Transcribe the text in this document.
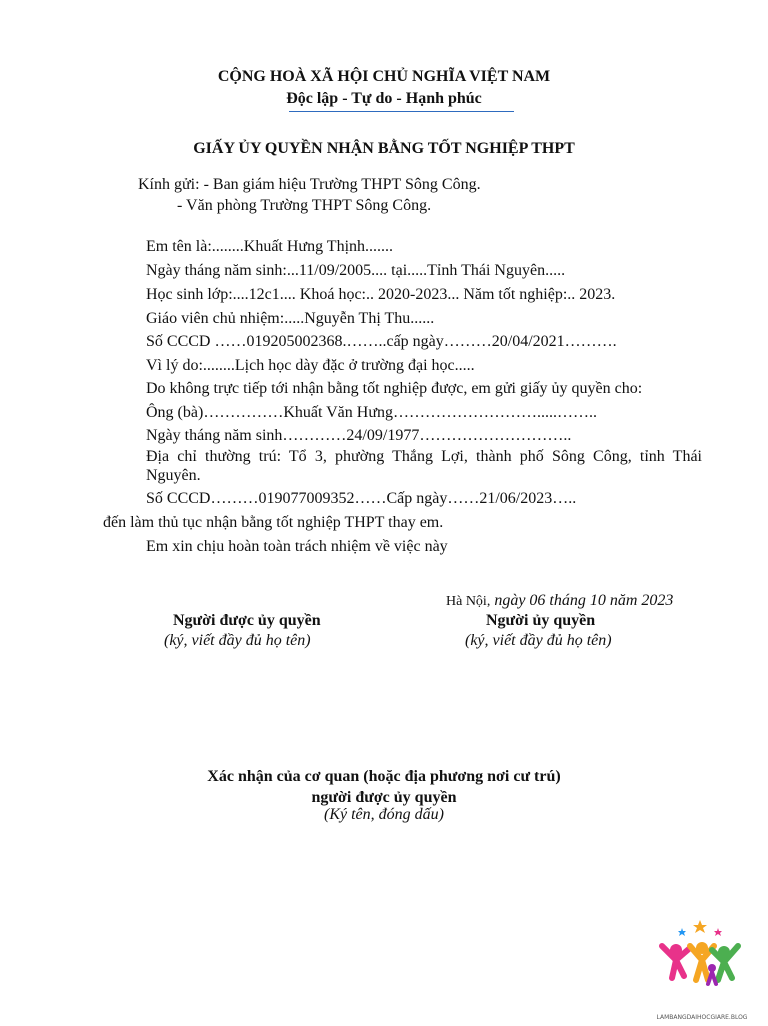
CỘNG HOÀ XÃ HỘI CHỦ NGHĨA VIỆT NAM
Độc lập - Tự do - Hạnh phúc
GIẤY ỦY QUYỀN NHẬN BẰNG TỐT NGHIỆP THPT
Kính gửi: - Ban giám hiệu Trường THPT Sông Công.
- Văn phòng Trường THPT Sông Công.
Em tên là:........Khuất Hưng Thịnh.......
Ngày tháng năm sinh:...11/09/2005.... tại.....Tỉnh Thái Nguyên.....
Học sinh lớp:....12c1.... Khoá học:.. 2020-2023... Năm tốt nghiệp:.. 2023.
Giáo viên chủ nhiệm:.....Nguyễn Thị Thu......
Số CCCD ……019205002368.……..cấp ngày………20/04/2021……….
Vì lý do:........Lịch học dày đặc ở trường đại học.....
Do không trực tiếp tới nhận bằng tốt nghiệp được, em gửi giấy ủy quyền cho:
Ông (bà)……………Khuất Văn Hưng……………………….....……..
Ngày tháng năm sinh…………24/09/1977………………………..
Địa chỉ thường trú: Tổ 3, phường Thắng Lợi, thành phố Sông Công, tỉnh Thái Nguyên.
Số CCCD………019077009352……Cấp ngày……21/06/2023…..
đến làm thủ tục nhận bằng tốt nghiệp THPT thay em.
Em xin chịu hoàn toàn trách nhiệm về việc này
Hà Nội, ngày 06 tháng 10 năm 2023
Người được ủy quyền
(ký, viết đầy đủ họ tên)
Người ủy quyền
(ký, viết đầy đủ họ tên)
Xác nhận của cơ quan (hoặc địa phương nơi cư trú)
người được ủy quyền
(Ký tên, đóng dấu)
LAMBANGDAIHOCGIARE.BLOG
